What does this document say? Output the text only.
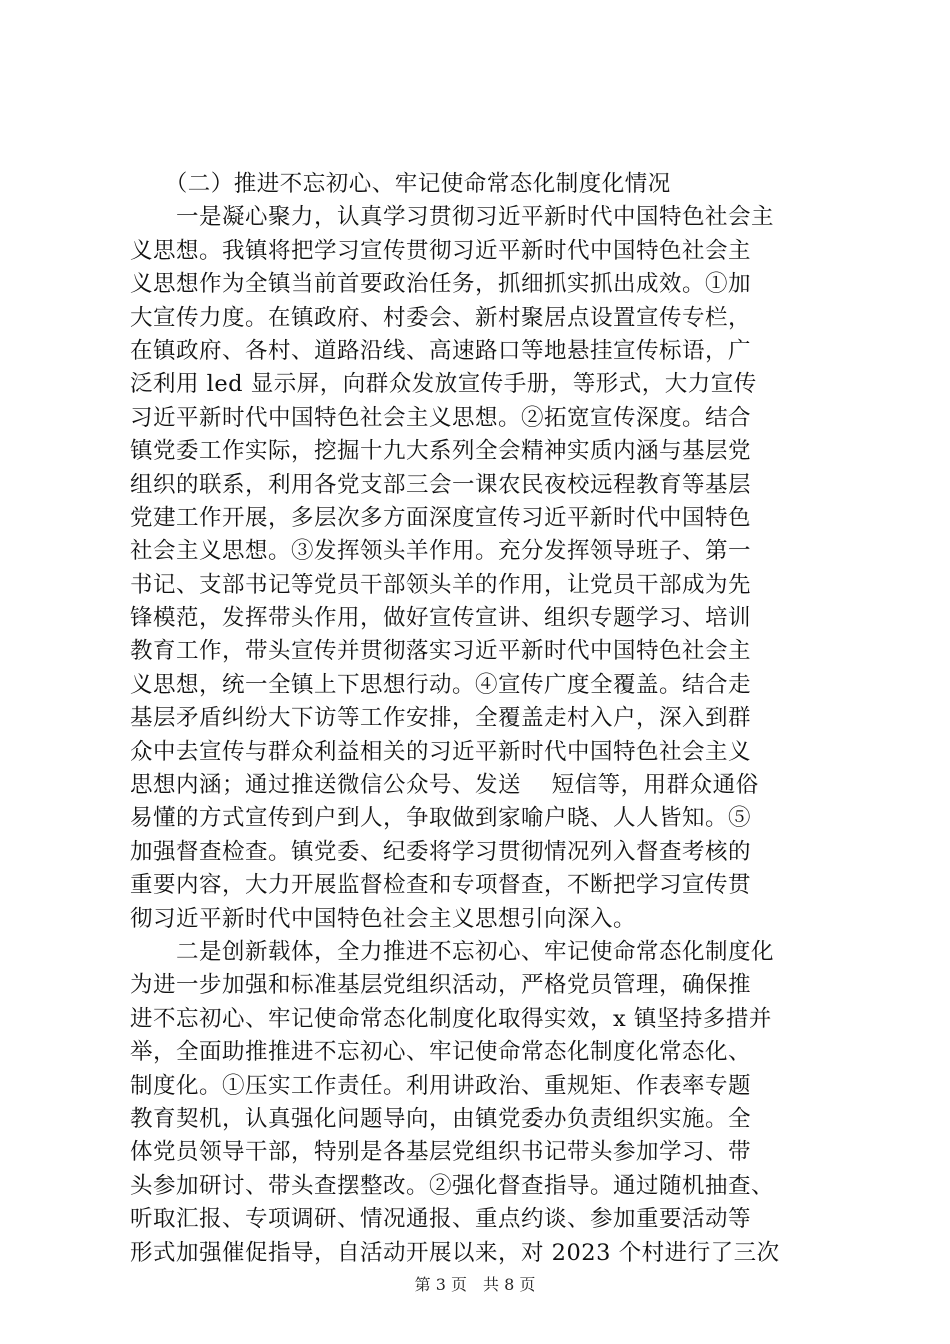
　　（二）推进不忘初心、牢记使命常态化制度化情况
　　一是凝心聚力，认真学习贯彻习近平新时代中国特色社会主
义思想。我镇将把学习宣传贯彻习近平新时代中国特色社会主
义思想作为全镇当前首要政治任务，抓细抓实抓出成效。①加
大宣传力度。在镇政府、村委会、新村聚居点设置宣传专栏，
在镇政府、各村、道路沿线、高速路口等地悬挂宣传标语，广
泛利用 led 显示屏，向群众发放宣传手册，等形式，大力宣传
习近平新时代中国特色社会主义思想。②拓宽宣传深度。结合
镇党委工作实际，挖掘十九大系列全会精神实质内涵与基层党
组织的联系，利用各党支部三会一课农民夜校远程教育等基层
党建工作开展，多层次多方面深度宣传习近平新时代中国特色
社会主义思想。③发挥领头羊作用。充分发挥领导班子、第一
书记、支部书记等党员干部领头羊的作用，让党员干部成为先
锋模范，发挥带头作用，做好宣传宣讲、组织专题学习、培训
教育工作，带头宣传并贯彻落实习近平新时代中国特色社会主
义思想，统一全镇上下思想行动。④宣传广度全覆盖。结合走
基层矛盾纠纷大下访等工作安排，全覆盖走村入户，深入到群
众中去宣传与群众利益相关的习近平新时代中国特色社会主义
思想内涵；通过推送微信公众号、发送　 短信等，用群众通俗
易懂的方式宣传到户到人，争取做到家喻户晓、人人皆知。⑤
加强督查检查。镇党委、纪委将学习贯彻情况列入督查考核的
重要内容，大力开展监督检查和专项督查，不断把学习宣传贯
彻习近平新时代中国特色社会主义思想引向深入。
　　二是创新载体，全力推进不忘初心、牢记使命常态化制度化
为进一步加强和标准基层党组织活动，严格党员管理，确保推
进不忘初心、牢记使命常态化制度化取得实效，x 镇坚持多措并
举，全面助推推进不忘初心、牢记使命常态化制度化常态化、
制度化。①压实工作责任。利用讲政治、重规矩、作表率专题
教育契机，认真强化问题导向，由镇党委办负责组织实施。全
体党员领导干部，特别是各基层党组织书记带头参加学习、带
头参加研讨、带头查摆整改。②强化督查指导。通过随机抽查、
听取汇报、专项调研、情况通报、重点约谈、参加重要活动等
形式加强催促指导，自活动开展以来，对 2023 个村进行了三次
第 3 页　共 8 页
